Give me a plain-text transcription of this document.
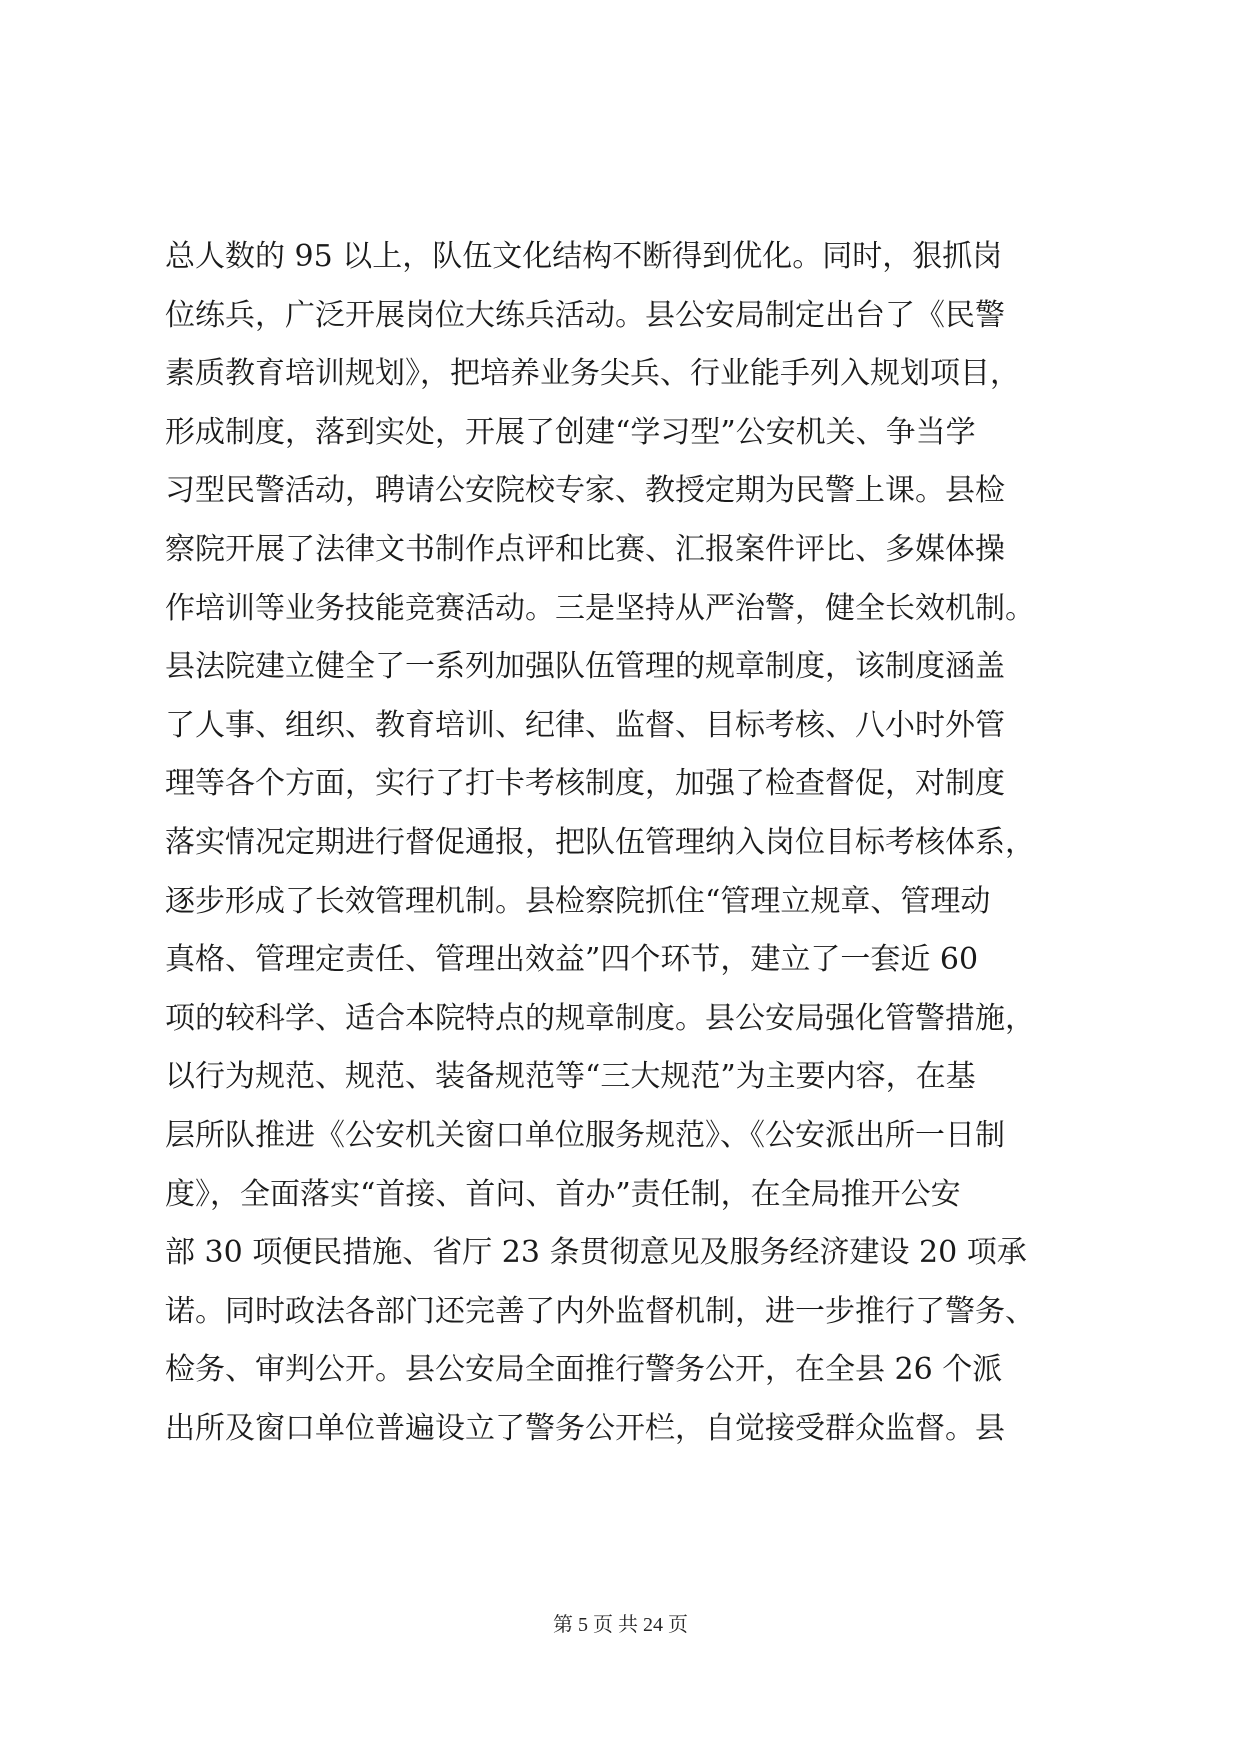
总人数的 95 以上，队伍文化结构不断得到优化。同时，狠抓岗
位练兵，广泛开展岗位大练兵活动。县公安局制定出台了《民警
素质教育培训规划》，把培养业务尖兵、行业能手列入规划项目，
形成制度，落到实处，开展了创建“学习型”公安机关、争当学
习型民警活动，聘请公安院校专家、教授定期为民警上课。县检
察院开展了法律文书制作点评和比赛、汇报案件评比、多媒体操
作培训等业务技能竞赛活动。三是坚持从严治警，健全长效机制。
县法院建立健全了一系列加强队伍管理的规章制度，该制度涵盖
了人事、组织、教育培训、纪律、监督、目标考核、八小时外管
理等各个方面，实行了打卡考核制度，加强了检查督促，对制度
落实情况定期进行督促通报，把队伍管理纳入岗位目标考核体系，
逐步形成了长效管理机制。县检察院抓住“管理立规章、管理动
真格、管理定责任、管理出效益”四个环节，建立了一套近 60
项的较科学、适合本院特点的规章制度。县公安局强化管警措施，
以行为规范、规范、装备规范等“三大规范”为主要内容，在基
层所队推进《公安机关窗口单位服务规范》、《公安派出所一日制
度》，全面落实“首接、首问、首办”责任制，在全局推开公安
部 30 项便民措施、省厅 23 条贯彻意见及服务经济建设 20 项承
诺。同时政法各部门还完善了内外监督机制，进一步推行了警务、
检务、审判公开。县公安局全面推行警务公开，在全县 26 个派
出所及窗口单位普遍设立了警务公开栏，自觉接受群众监督。县
第 5 页 共 24 页
